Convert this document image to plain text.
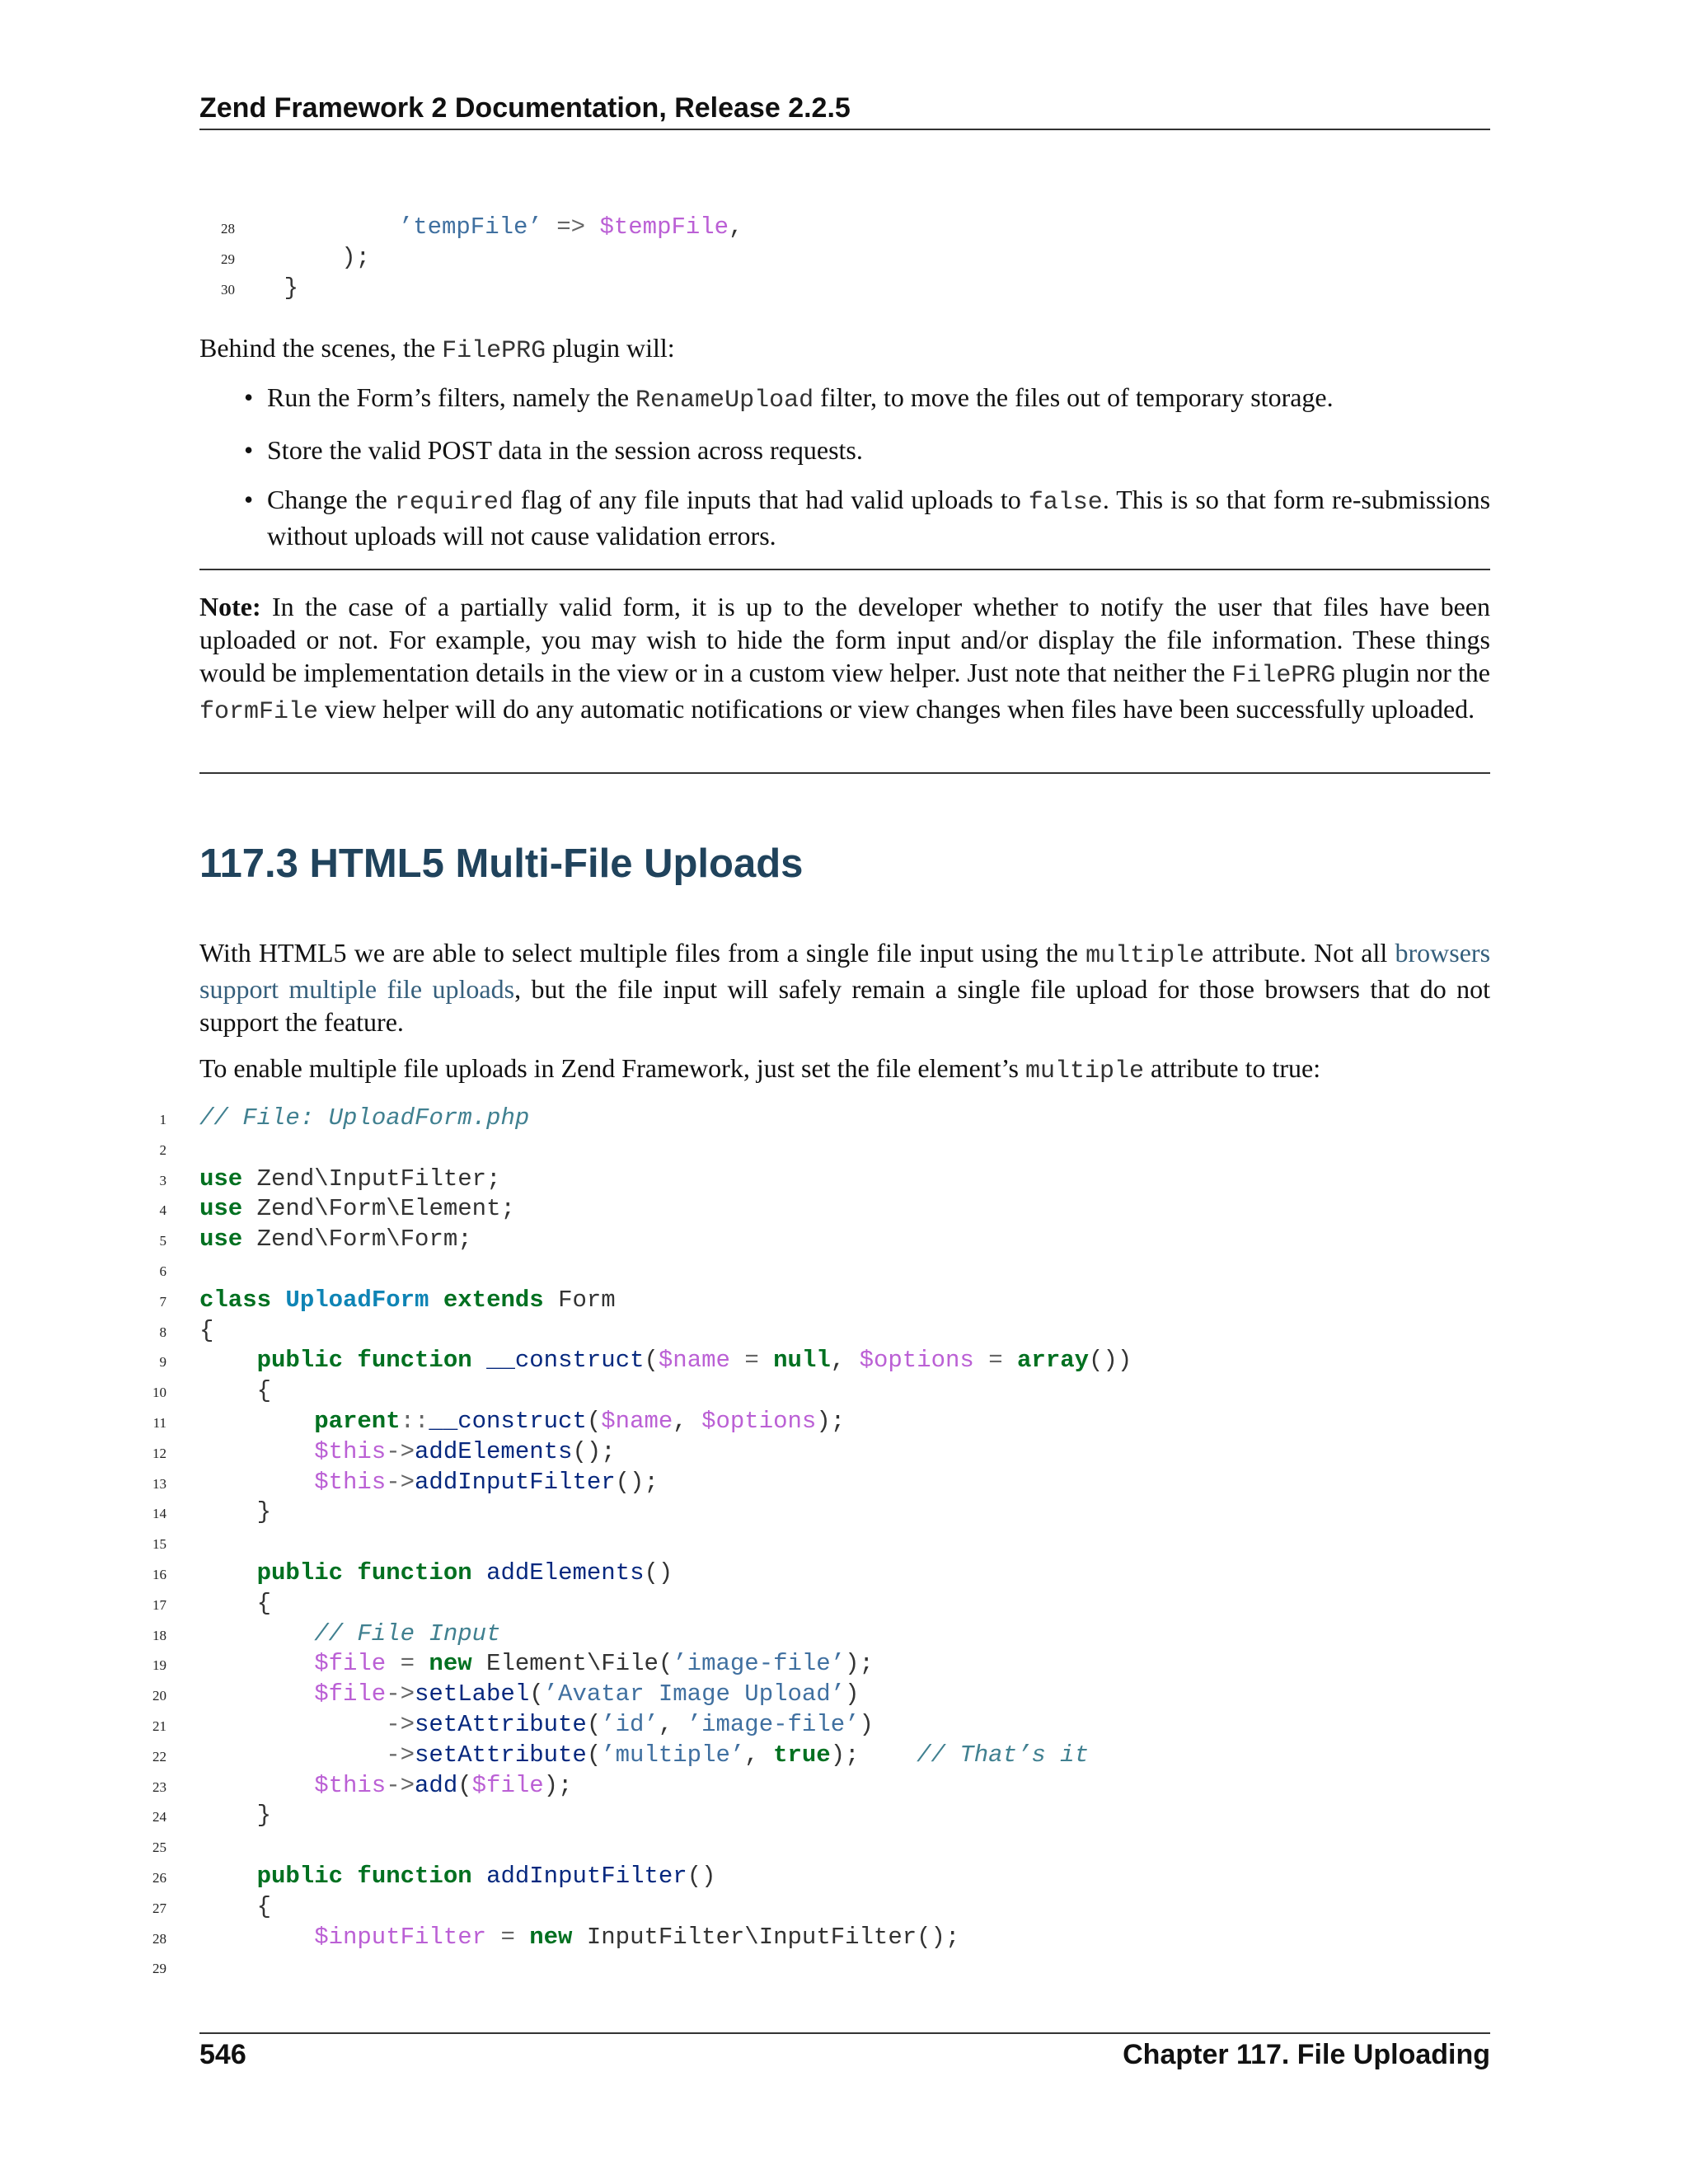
Zend Framework 2 Documentation, Release 2.2.5
28	’tempFile’ => $tempFile,
29	);
30 }
Behind the scenes, the FilePRG plugin will:
• Run the Form’s filters, namely the RenameUpload filter, to move the files out of temporary storage.
• Store the valid POST data in the session across requests.
• Change the required flag of any file inputs that had valid uploads to false. This is so that form re-submissions without uploads will not cause validation errors.
Note: In the case of a partially valid form, it is up to the developer whether to notify the user that files have been uploaded or not. For example, you may wish to hide the form input and/or display the file information. These things would be implementation details in the view or in a custom view helper. Just note that neither the FilePRG plugin nor the formFile view helper will do any automatic notifications or view changes when files have been successfully uploaded.
117.3 HTML5 Multi-File Uploads
With HTML5 we are able to select multiple files from a single file input using the multiple attribute. Not all browsers support multiple file uploads, but the file input will safely remain a single file upload for those browsers that do not support the feature.
To enable multiple file uploads in Zend Framework, just set the file element’s multiple attribute to true:
1 // File: UploadForm.php
2
3 use Zend\InputFilter;
4 use Zend\Form\Element;
5 use Zend\Form\Form;
6
7 class UploadForm extends Form
8 {
9	public function __construct($name = null, $options = array())
10	{
11	parent::__construct($name, $options);
12	$this->addElements();
13	$this->addInputFilter();
14	}
15
16	public function addElements()
17	{
18	// File Input
19	$file = new Element\File(’image-file’);
20	$file->setLabel(’Avatar Image Upload’)
21	->setAttribute(’id’, ’image-file’)
22	->setAttribute(’multiple’, true);    // That’s it
23	$this->add($file);
24	}
25
26	public function addInputFilter()
27	{
28	$inputFilter = new InputFilter\InputFilter();
29
546	Chapter 117. File Uploading
